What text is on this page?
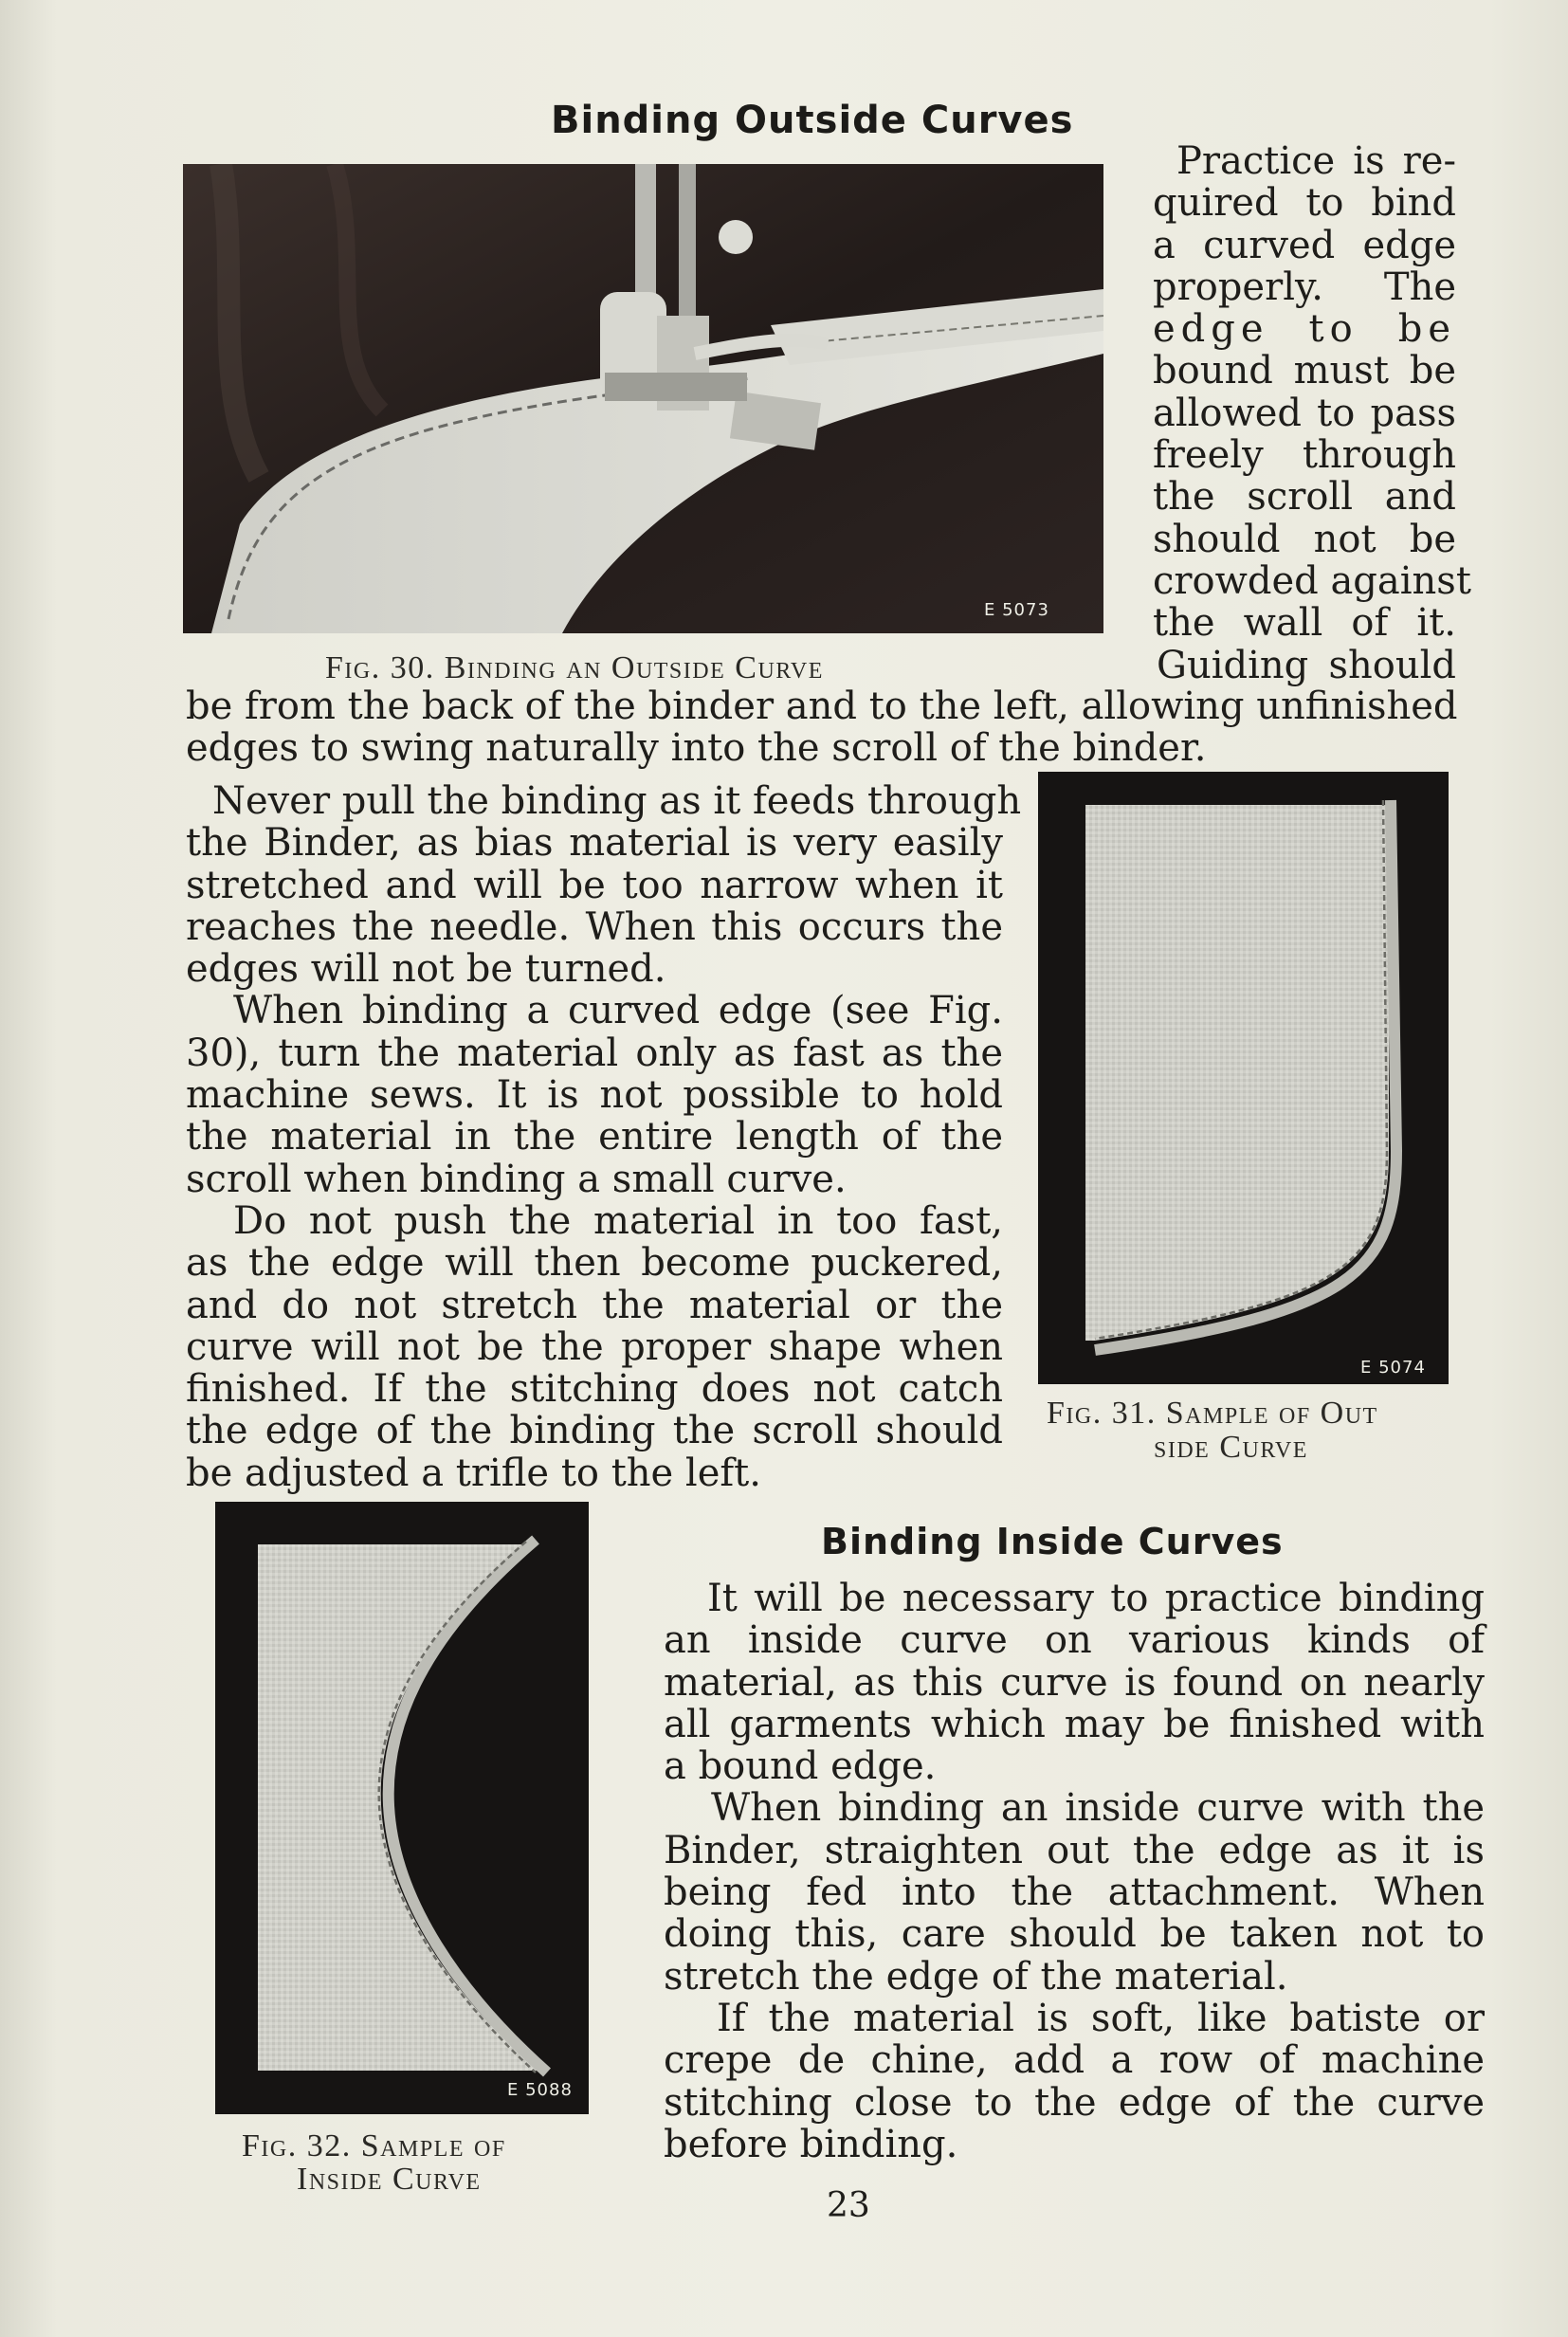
Binding Outside Curves
E 5073
Fig. 30. Binding an Outside Curve
Practice is re-
quired to bind
a curved edge
properly. The
edge to be
bound must be
allowed to pass
freely through
the scroll and
should not be
crowded against
the wall of it.
Guiding should
be from the back of the binder and to the left, allowing unfinished
edges to swing naturally into the scroll of the binder.
E 5074
Fig. 31. Sample of Out
side Curve
Never pull the binding as it feeds through
the Binder, as bias material is very easily
stretched and will be too narrow when it
reaches the needle. When this occurs the
edges will not be turned.
When binding a curved edge (see Fig.
30), turn the material only as fast as the
machine sews. It is not possible to hold
the material in the entire length of the
scroll when binding a small curve.
Do not push the material in too fast,
as the edge will then become puckered,
and do not stretch the material or the
curve will not be the proper shape when
finished. If the stitching does not catch
the edge of the binding the scroll should
be adjusted a trifle to the left.
E 5088
Fig. 32. Sample of
Inside Curve
Binding Inside Curves
It will be necessary to practice binding
an inside curve on various kinds of
material, as this curve is found on nearly
all garments which may be finished with
a bound edge.
When binding an inside curve with the
Binder, straighten out the edge as it is
being fed into the attachment. When
doing this, care should be taken not to
stretch the edge of the material.
If the material is soft, like batiste or
crepe de chine, add a row of machine
stitching close to the edge of the curve
before binding.
23
